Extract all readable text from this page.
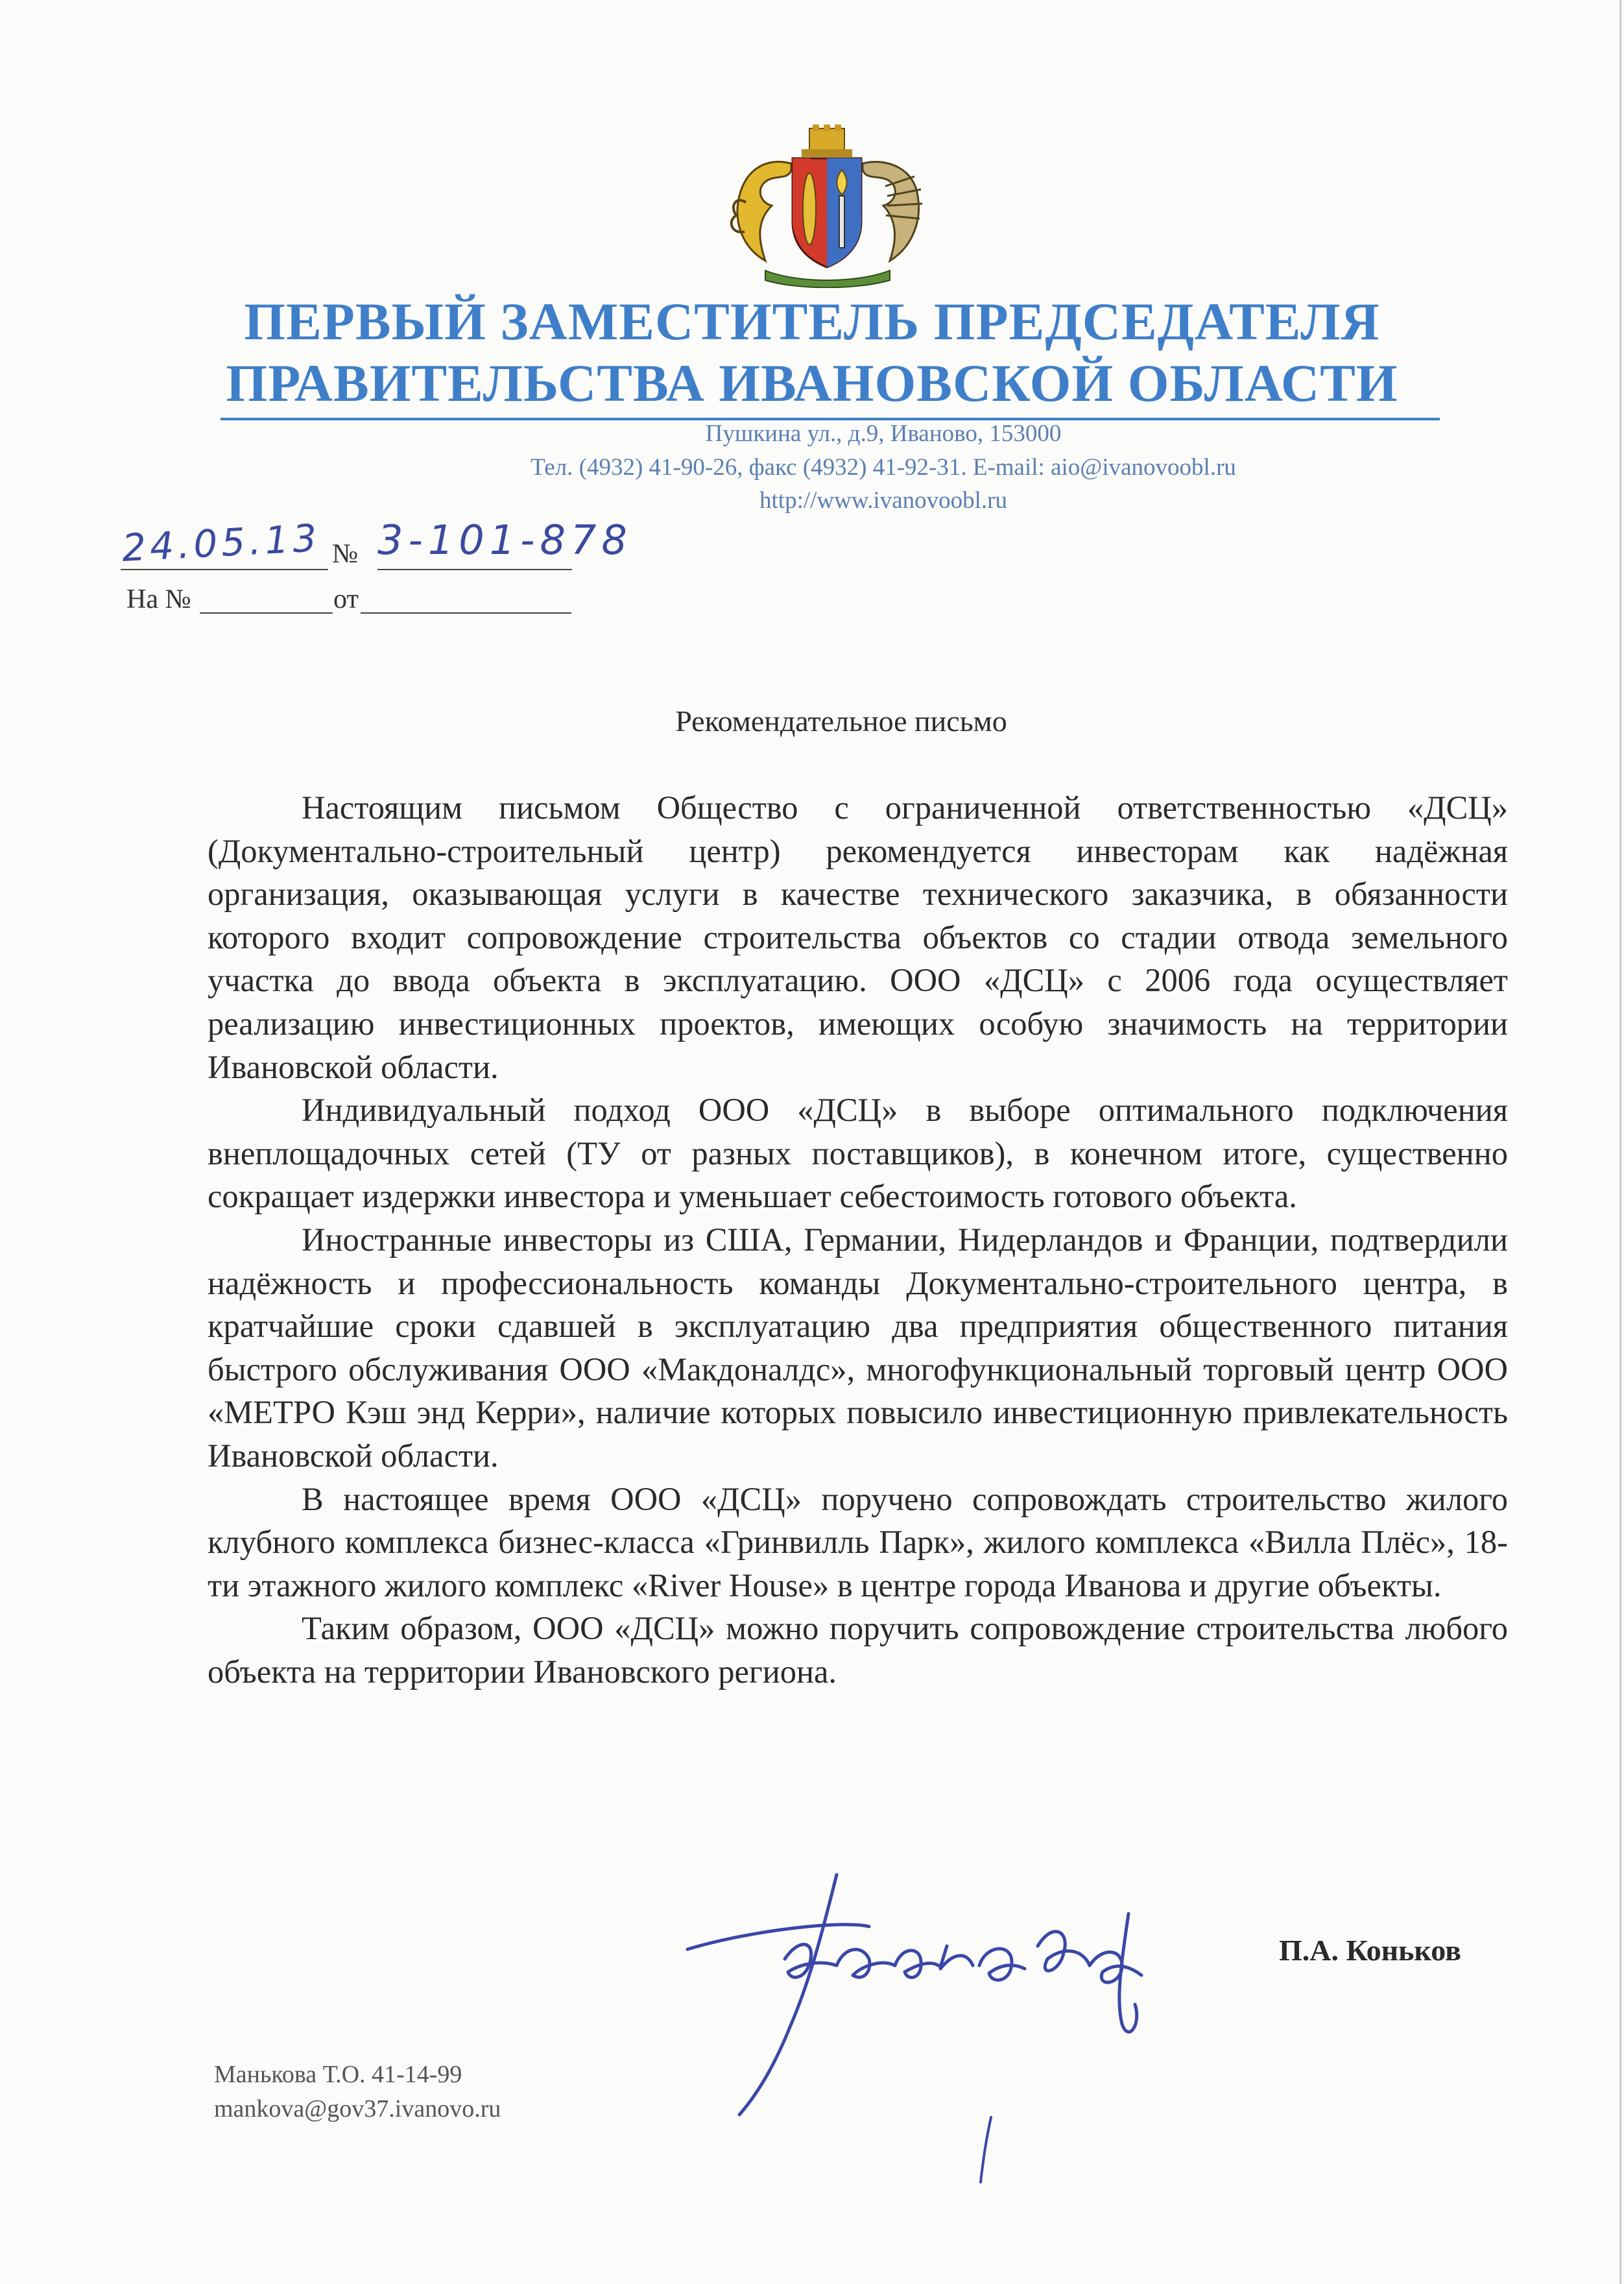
ПЕРВЫЙ ЗАМЕСТИТЕЛЬ ПРЕДСЕДАТЕЛЯ
ПРАВИТЕЛЬСТВА ИВАНОВСКОЙ ОБЛАСТИ
Пушкина ул., д.9, Иваново, 153000
Тел. (4932) 41-90-26, факс (4932) 41-92-31. E-mail: aio@ivanovoobl.ru
http://www.ivanovoobl.ru
24.05.13 № 3-101-878
На №	от
Рекомендательное письмо

Настоящим письмом Общество с ограниченной ответственностью «ДСЦ» (Документально-строительный центр) рекомендуется инвесторам как надёжная организация, оказывающая услуги в качестве технического заказчика, в обязанности которого входит сопровождение строительства объектов со стадии отвода земельного участка до ввода объекта в эксплуатацию. ООО «ДСЦ» с 2006 года осуществляет реализацию инвестиционных проектов, имеющих особую значимость на территории Ивановской области.

Индивидуальный подход ООО «ДСЦ» в выборе оптимального подключения внеплощадочных сетей (ТУ от разных поставщиков), в конечном итоге, существенно сокращает издержки инвестора и уменьшает себестоимость готового объекта.

Иностранные инвесторы из США, Германии, Нидерландов и Франции, подтвердили надёжность и профессиональность команды Документально-строительного центра, в кратчайшие сроки сдавшей в эксплуатацию два предприятия общественного питания быстрого обслуживания ООО «Макдоналдс», многофункциональный торговый центр ООО «МЕТРО Кэш энд Керри», наличие которых повысило инвестиционную привлекательность Ивановской области.

В настоящее время ООО «ДСЦ» поручено сопровождать строительство жилого клубного комплекса бизнес-класса «Гринвилль Парк», жилого комплекса «Вилла Плёс», 18-ти этажного жилого комплекс «River House» в центре города Иванова и другие объекты.

Таким образом, ООО «ДСЦ» можно поручить сопровождение строительства любого объекта на территории Ивановского региона.

П.А. Коньков
Манькова Т.О. 41-14-99
mankova@gov37.ivanovo.ru
